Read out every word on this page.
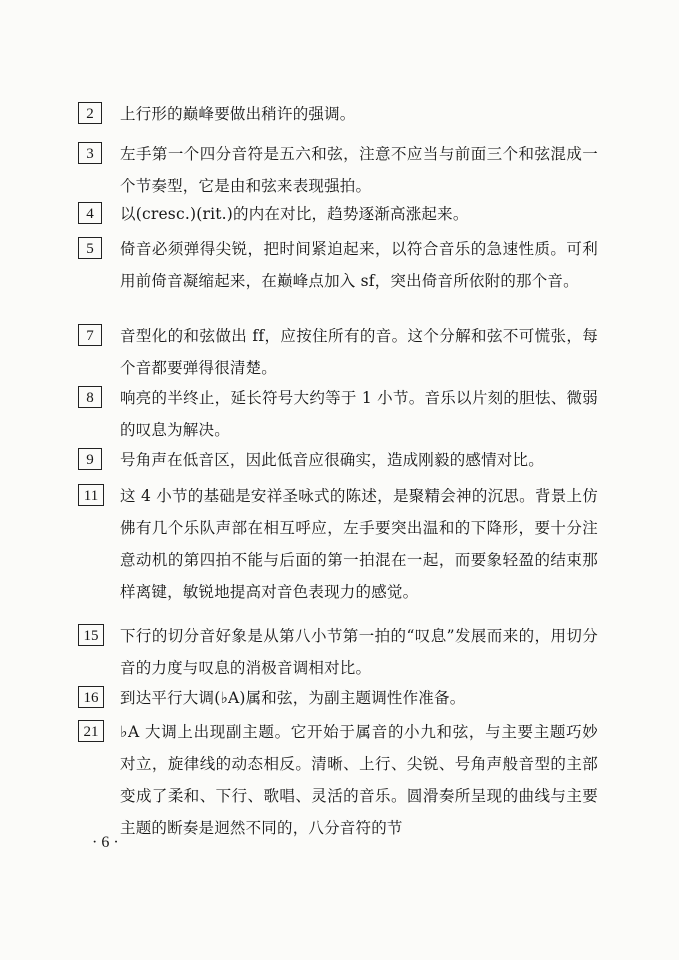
2	上行形的巅峰要做出稍许的强调。
3	左手第一个四分音符是五六和弦，注意不应当与前面三个和弦混成一个节奏型，它是由和弦来表现强拍。
4	以(cresc.)(rit.)的内在对比，趋势逐渐高涨起来。
5	倚音必须弹得尖锐，把时间紧迫起来，以符合音乐的急速性质。可利用前倚音凝缩起来，在巅峰点加入 sf，突出倚音所依附的那个音。
7	音型化的和弦做出 ff，应按住所有的音。这个分解和弦不可慌张，每个音都要弹得很清楚。
8	响亮的半终止，延长符号大约等于 1 小节。音乐以片刻的胆怯、微弱的叹息为解决。
9	号角声在低音区，因此低音应很确实，造成刚毅的感情对比。
11	这 4 小节的基础是安祥圣咏式的陈述，是聚精会神的沉思。背景上仿佛有几个乐队声部在相互呼应，左手要突出温和的下降形，要十分注意动机的第四拍不能与后面的第一拍混在一起，而要象轻盈的结束那样离键，敏锐地提高对音色表现力的感觉。
15	下行的切分音好象是从第八小节第一拍的“叹息”发展而来的，用切分音的力度与叹息的消极音调相对比。
16	到达平行大调(♭A)属和弦，为副主题调性作准备。
21	♭A 大调上出现副主题。它开始于属音的小九和弦，与主要主题巧妙对立，旋律线的动态相反。清晰、上行、尖锐、号角声般音型的主部变成了柔和、下行、歌唱、灵活的音乐。圆滑奏所呈现的曲线与主要主题的断奏是迥然不同的，八分音符的节
· 6 ·
